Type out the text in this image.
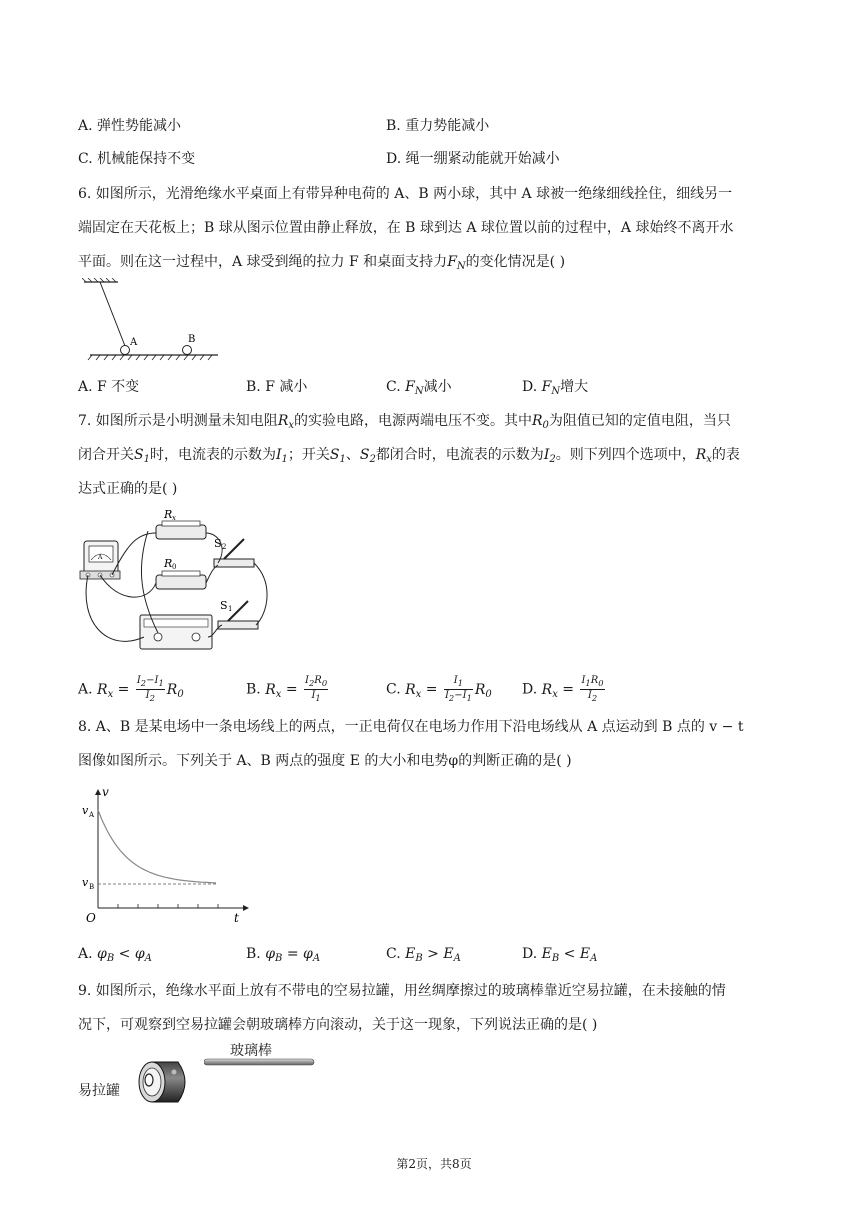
A. 弹性势能减小	B. 重力势能减小
C. 机械能保持不变	D. 绳一绷紧动能就开始减小
6. 如图所示，光滑绝缘水平桌面上有带异种电荷的 A、B 两小球，其中 A 球被一绝缘细线拴住，细线另一
端固定在天花板上；B 球从图示位置由静止释放，在 B 球到达 A 球位置以前的过程中，A 球始终不离开水
平面。则在这一过程中，A 球受到绳的拉力 F 和桌面支持力$F_N$的变化情况是( )
A	B
A. F 不变	B. F 减小	C. $F_N$减小	D. $F_N$增大
7. 如图所示是小明测量未知电阻$R_x$的实验电路，电源两端电压不变。其中$R_0$为阻值已知的定值电阻，当只
闭合开关$S_1$时，电流表的示数为$I_1$；开关$S_1$、$S_2$都闭合时，电流表的示数为$I_2$。则下列四个选项中，$R_x$的表
达式正确的是( )
A
R x
R 0
S 2
S 1
A. $R_x = \frac{I_2-I_1}{I_2} R_0$	B. $R_x = \frac{I_2R_0}{I_1}$	C. $R_x = \frac{I_1}{I_2-I_1} R_0$ D. $R_x = \frac{I_1R_0}{I_2}$
8. A、B 是某电场中一条电场线上的两点，一正电荷仅在电场力作用下沿电场线从 A 点运动到 B 点的 v − t
图像如图所示。下列关于 A、B 两点的强度 E 的大小和电势φ的判断正确的是( )
v
v A
v B
O	t
A. $\varphi_B < \varphi_A$	B. $\varphi_B = \varphi_A$	C. $E_B > E_A$	D. $E_B < E_A$
9. 如图所示，绝缘水平面上放有不带电的空易拉罐，用丝绸摩擦过的玻璃棒靠近空易拉罐，在未接触的情
况下，可观察到空易拉罐会朝玻璃棒方向滚动，关于这一现象，下列说法正确的是( )
玻璃棒
易拉罐
第2页，共8页
